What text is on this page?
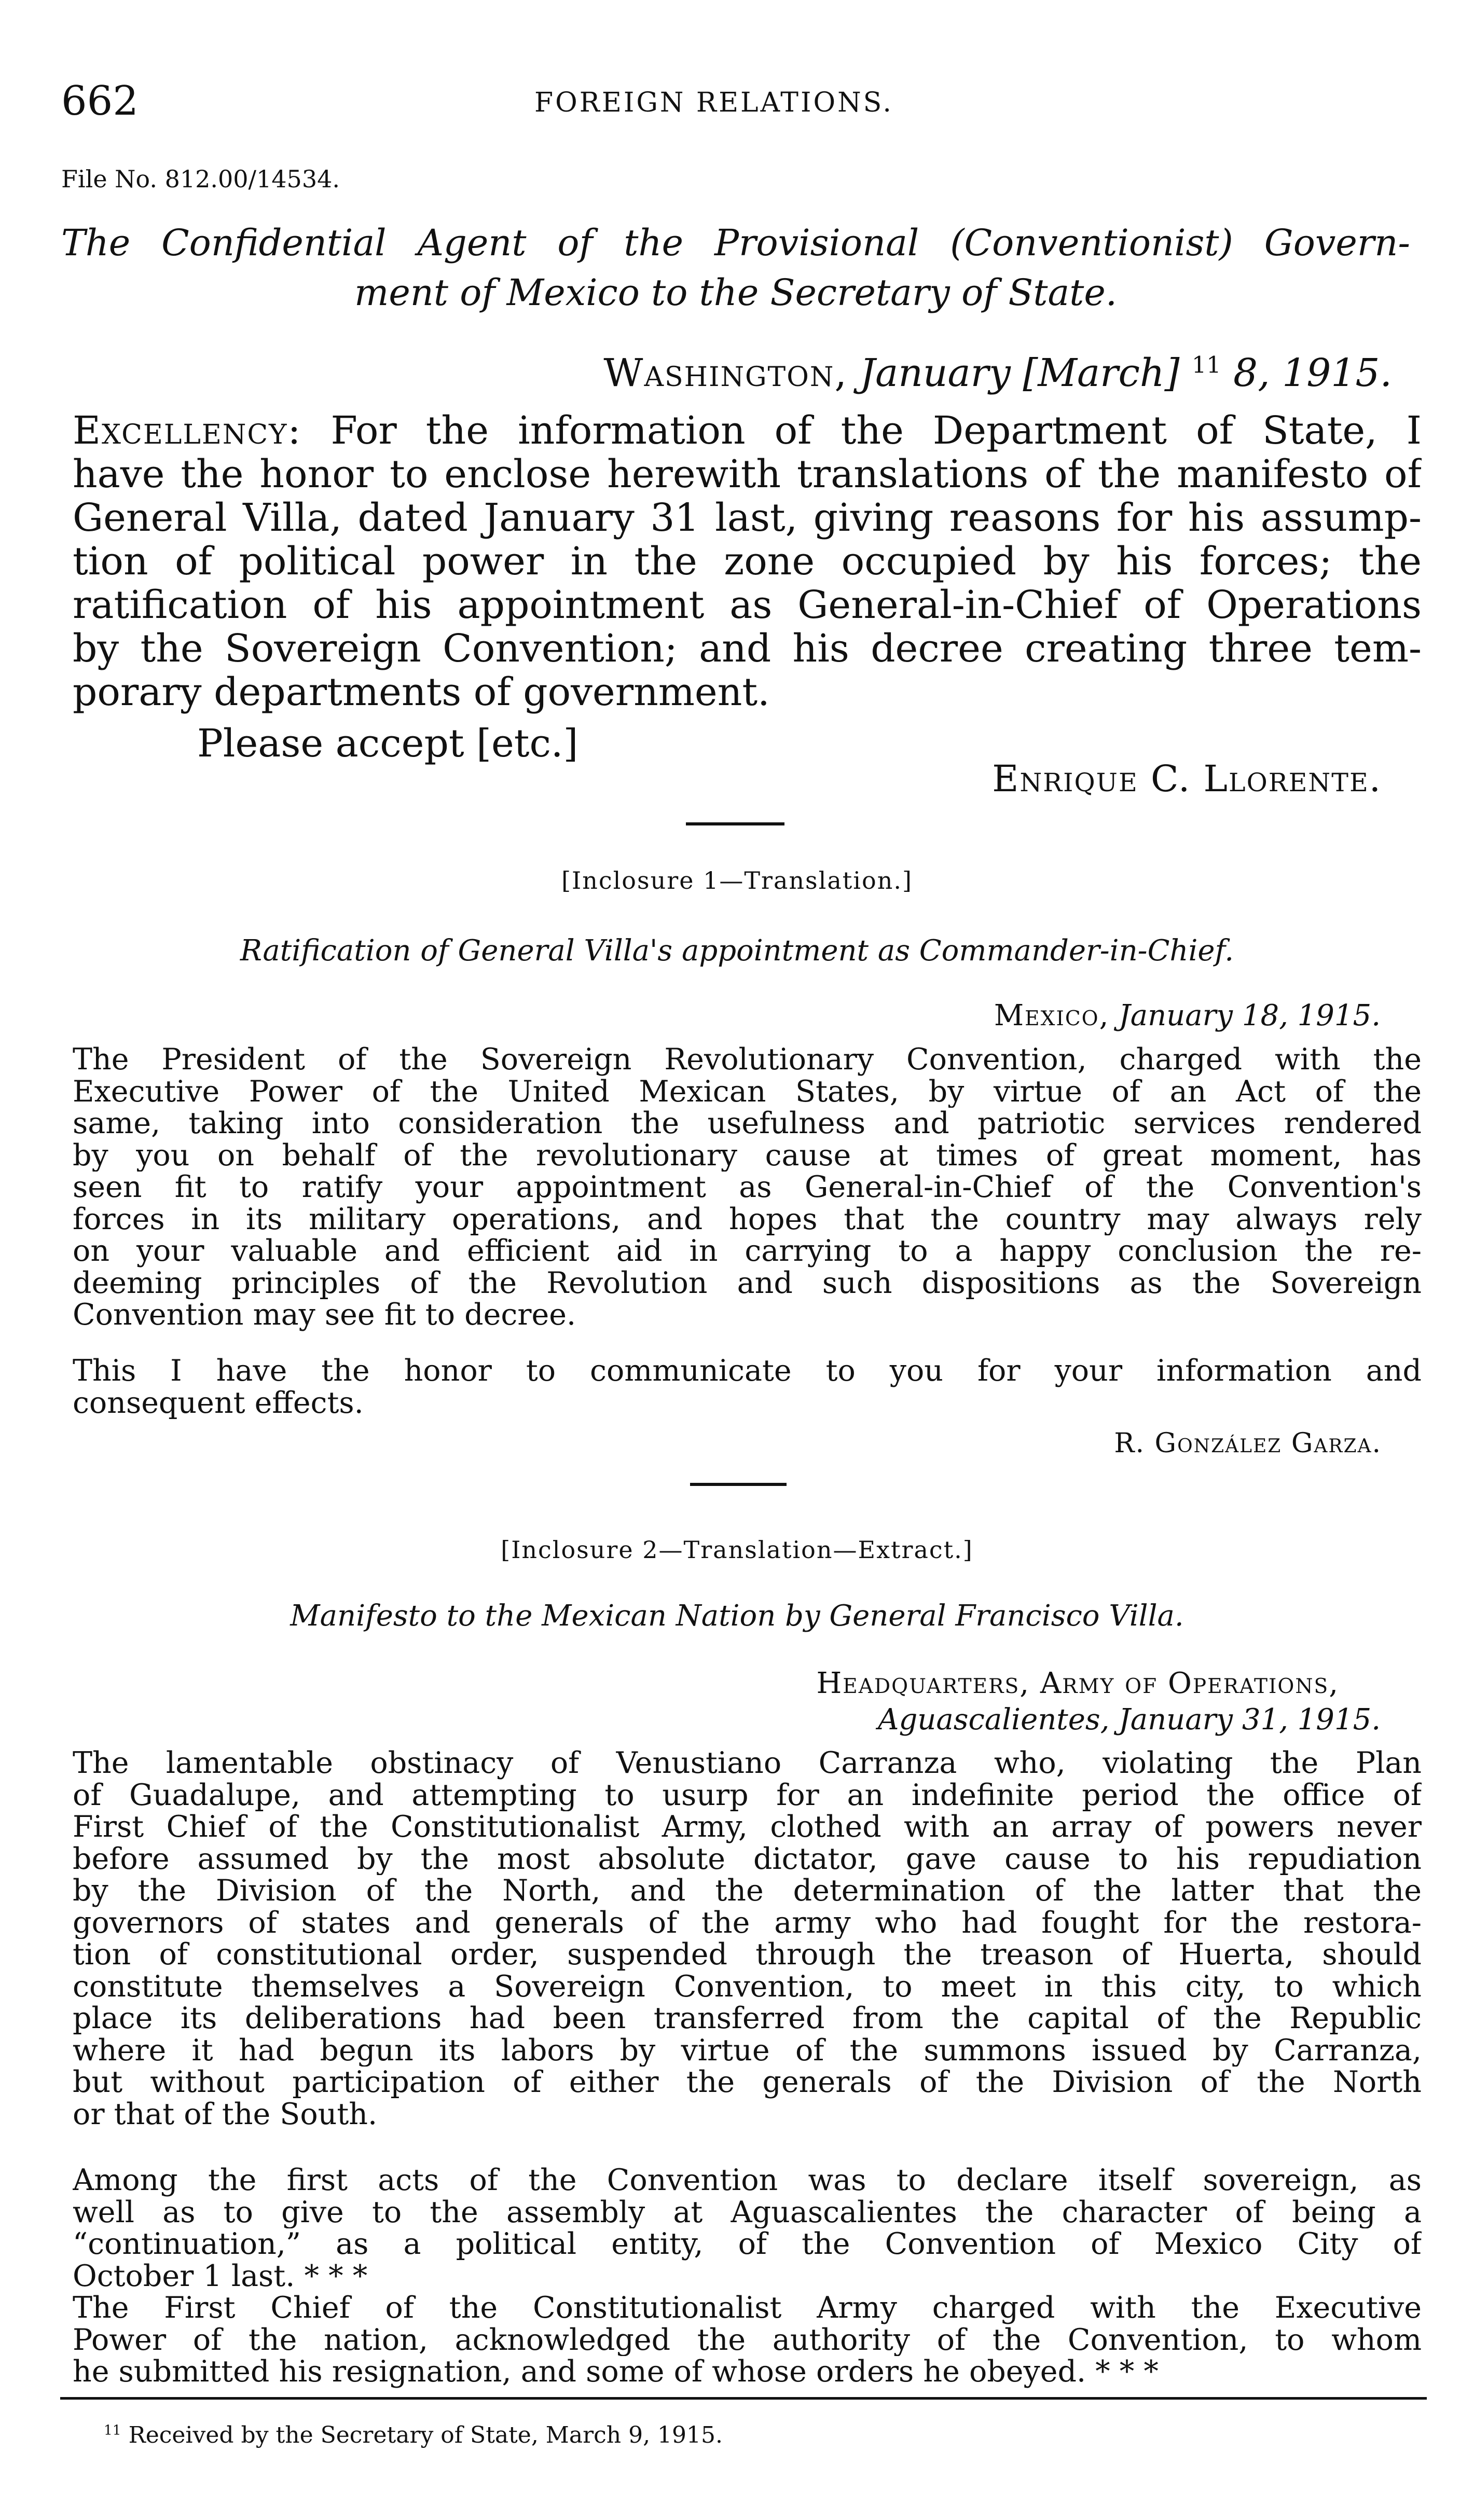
662	FOREIGN RELATIONS.
File No. 812.00/14534.
The Confidential Agent of the Provisional (Conventionist) Govern-
ment of Mexico to the Secretary of State.
Washington, January [March] $^{11}$ 8, 1915.
Excellency: For the information of the Department of State, I
have the honor to enclose herewith translations of the manifesto of
General Villa, dated January 31 last, giving reasons for his assump-
tion of political power in the zone occupied by his forces; the
ratification of his appointment as General-in-Chief of Operations
by the Sovereign Convention; and his decree creating three tem-
porary departments of government.
Please accept [etc.]
Enrique C. Llorente.
[Inclosure 1—Translation.]
Ratification of General Villa's appointment as Commander-in-Chief.
Mexico, January 18, 1915.
The President of the Sovereign Revolutionary Convention, charged with the
Executive Power of the United Mexican States, by virtue of an Act of the
same, taking into consideration the usefulness and patriotic services rendered
by you on behalf of the revolutionary cause at times of great moment, has
seen fit to ratify your appointment as General-in-Chief of the Convention's
forces in its military operations, and hopes that the country may always rely
on your valuable and efficient aid in carrying to a happy conclusion the re-
deeming principles of the Revolution and such dispositions as the Sovereign
Convention may see fit to decree.
This I have the honor to communicate to you for your information and
consequent effects.
R. González Garza.
[Inclosure 2—Translation—Extract.]
Manifesto to the Mexican Nation by General Francisco Villa.
Headquarters, Army of Operations,
Aguascalientes, January 31, 1915.
The lamentable obstinacy of Venustiano Carranza who, violating the Plan
of Guadalupe, and attempting to usurp for an indefinite period the office of
First Chief of the Constitutionalist Army, clothed with an array of powers never
before assumed by the most absolute dictator, gave cause to his repudiation
by the Division of the North, and the determination of the latter that the
governors of states and generals of the army who had fought for the restora-
tion of constitutional order, suspended through the treason of Huerta, should
constitute themselves a Sovereign Convention, to meet in this city, to which
place its deliberations had been transferred from the capital of the Republic
where it had begun its labors by virtue of the summons issued by Carranza,
but without participation of either the generals of the Division of the North
or that of the South.
Among the first acts of the Convention was to declare itself sovereign, as
well as to give to the assembly at Aguascalientes the character of being a
“continuation,” as a political entity, of the Convention of Mexico City of
October 1 last. * * *
The First Chief of the Constitutionalist Army charged with the Executive
Power of the nation, acknowledged the authority of the Convention, to whom
he submitted his resignation, and some of whose orders he obeyed. * * *
$^{11}$ Received by the Secretary of State, March 9, 1915.
